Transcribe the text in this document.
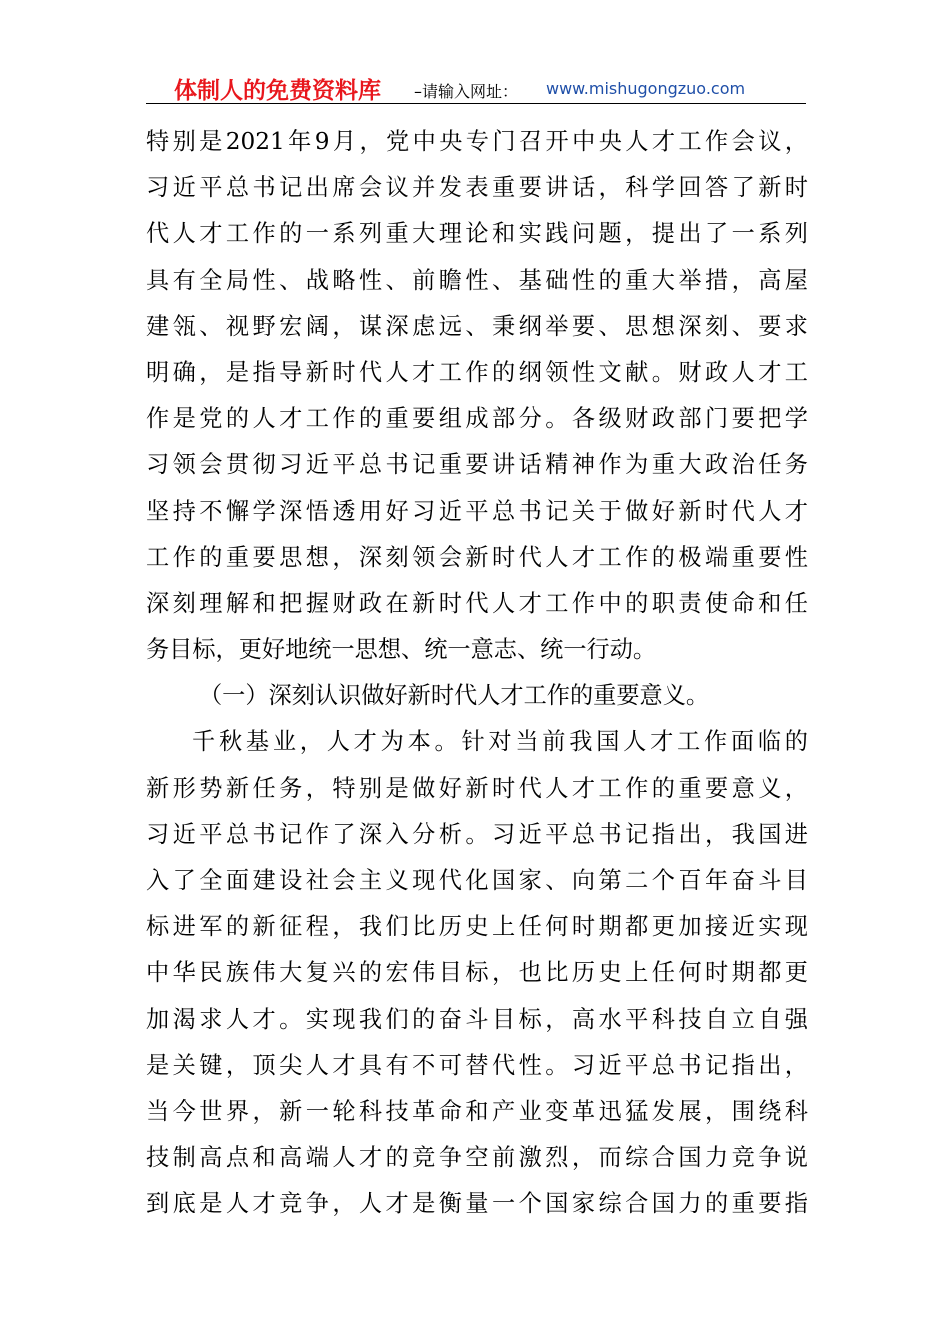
体制人的免费资料库 –请输入网址： www.mishugongzuo.com
特别是2021年9月，党中央专门召开中央人才工作会议，
习近平总书记出席会议并发表重要讲话，科学回答了新时
代人才工作的一系列重大理论和实践问题，提出了一系列
具有全局性、战略性、前瞻性、基础性的重大举措，高屋
建瓴、视野宏阔，谋深虑远、秉纲举要、思想深刻、要求
明确，是指导新时代人才工作的纲领性文献。财政人才工
作是党的人才工作的重要组成部分。各级财政部门要把学
习领会贯彻习近平总书记重要讲话精神作为重大政治任务
坚持不懈学深悟透用好习近平总书记关于做好新时代人才
工作的重要思想，深刻领会新时代人才工作的极端重要性
深刻理解和把握财政在新时代人才工作中的职责使命和任
务目标，更好地统一思想、统一意志、统一行动。
（一）深刻认识做好新时代人才工作的重要意义。
千秋基业，人才为本。针对当前我国人才工作面临的
新形势新任务，特别是做好新时代人才工作的重要意义，
习近平总书记作了深入分析。习近平总书记指出，我国进
入了全面建设社会主义现代化国家、向第二个百年奋斗目
标进军的新征程，我们比历史上任何时期都更加接近实现
中华民族伟大复兴的宏伟目标，也比历史上任何时期都更
加渴求人才。实现我们的奋斗目标，高水平科技自立自强
是关键，顶尖人才具有不可替代性。习近平总书记指出，
当今世界，新一轮科技革命和产业变革迅猛发展，围绕科
技制高点和高端人才的竞争空前激烈，而综合国力竞争说
到底是人才竞争，人才是衡量一个国家综合国力的重要指
